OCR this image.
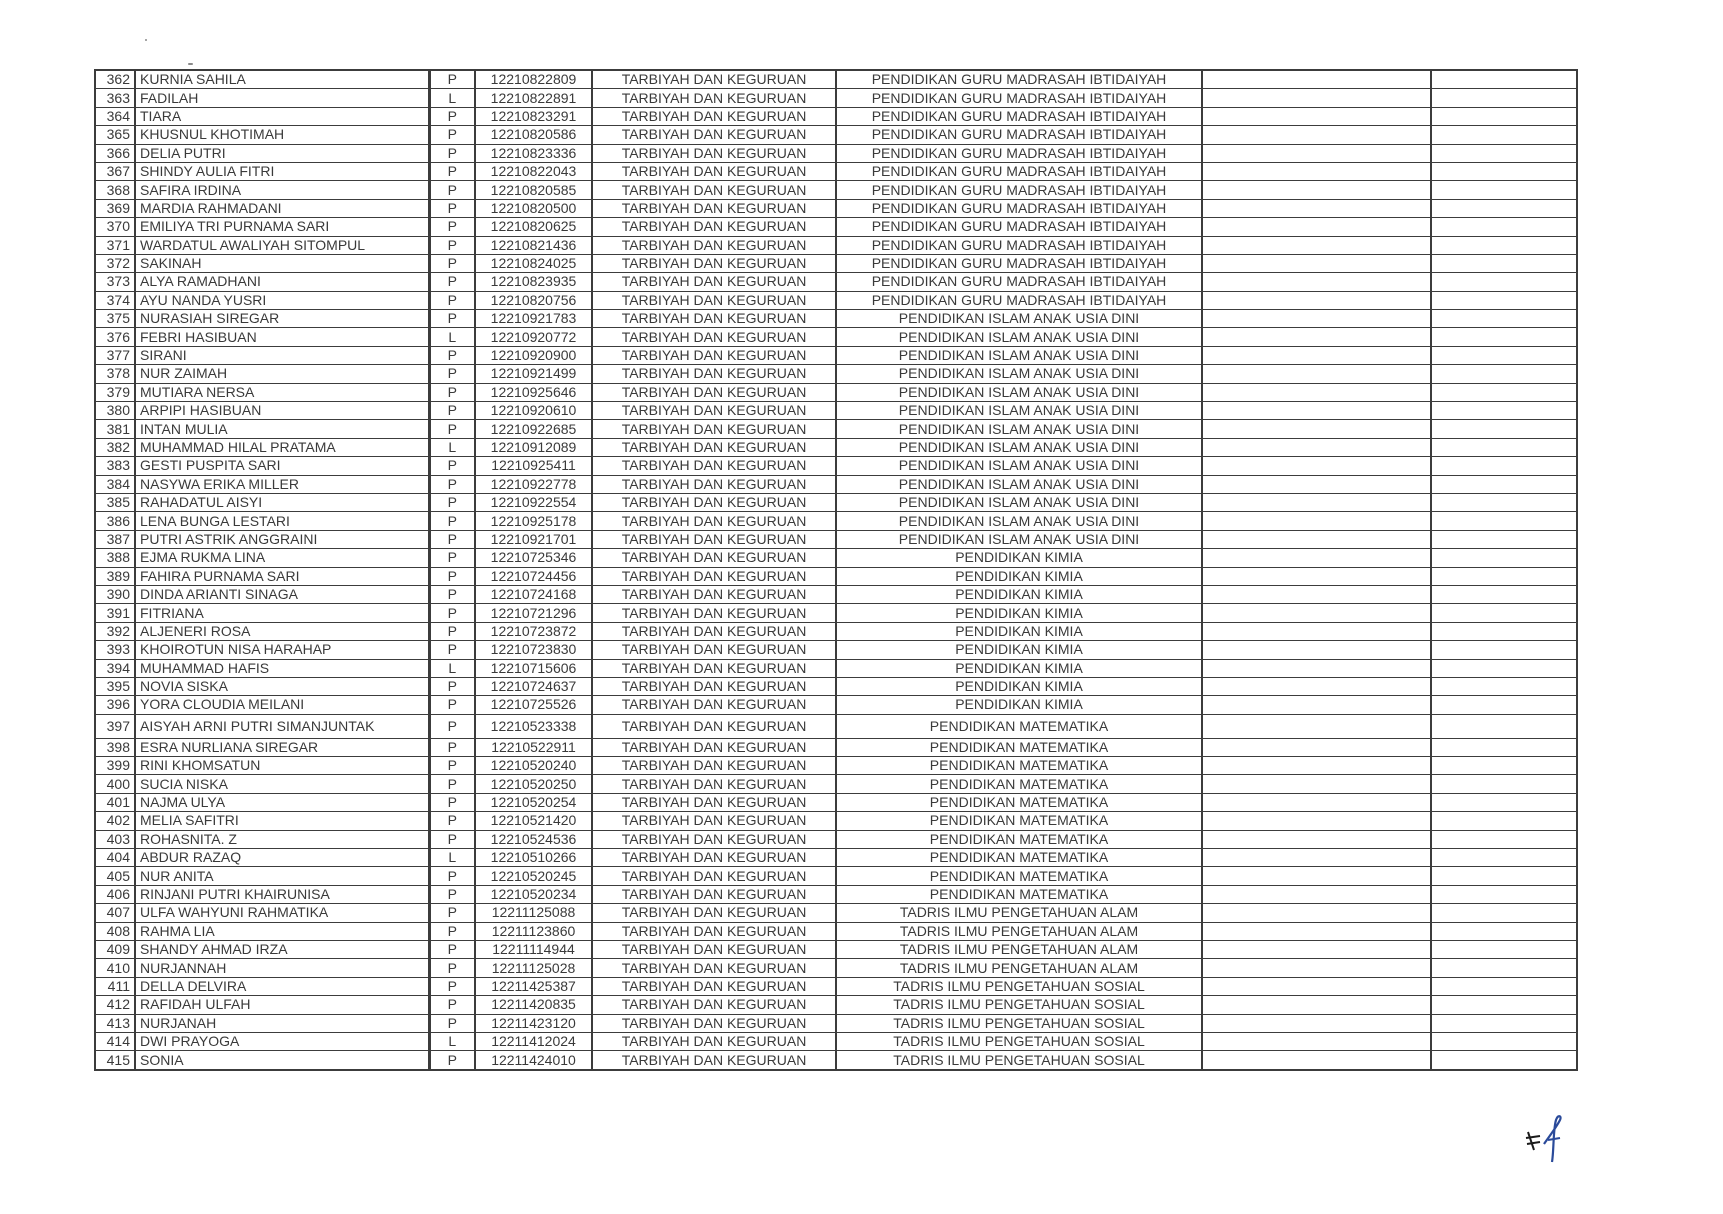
362	KURNIA SAHILA	P	12210822809	TARBIYAH DAN KEGURUAN	PENDIDIKAN GURU MADRASAH IBTIDAIYAH		
363	FADILAH	L	12210822891	TARBIYAH DAN KEGURUAN	PENDIDIKAN GURU MADRASAH IBTIDAIYAH		
364	TIARA	P	12210823291	TARBIYAH DAN KEGURUAN	PENDIDIKAN GURU MADRASAH IBTIDAIYAH		
365	KHUSNUL KHOTIMAH	P	12210820586	TARBIYAH DAN KEGURUAN	PENDIDIKAN GURU MADRASAH IBTIDAIYAH		
366	DELIA PUTRI	P	12210823336	TARBIYAH DAN KEGURUAN	PENDIDIKAN GURU MADRASAH IBTIDAIYAH		
367	SHINDY AULIA FITRI	P	12210822043	TARBIYAH DAN KEGURUAN	PENDIDIKAN GURU MADRASAH IBTIDAIYAH		
368	SAFIRA IRDINA	P	12210820585	TARBIYAH DAN KEGURUAN	PENDIDIKAN GURU MADRASAH IBTIDAIYAH		
369	MARDIA RAHMADANI	P	12210820500	TARBIYAH DAN KEGURUAN	PENDIDIKAN GURU MADRASAH IBTIDAIYAH		
370	EMILIYA TRI PURNAMA SARI	P	12210820625	TARBIYAH DAN KEGURUAN	PENDIDIKAN GURU MADRASAH IBTIDAIYAH		
371	WARDATUL AWALIYAH SITOMPUL	P	12210821436	TARBIYAH DAN KEGURUAN	PENDIDIKAN GURU MADRASAH IBTIDAIYAH		
372	SAKINAH	P	12210824025	TARBIYAH DAN KEGURUAN	PENDIDIKAN GURU MADRASAH IBTIDAIYAH		
373	ALYA RAMADHANI	P	12210823935	TARBIYAH DAN KEGURUAN	PENDIDIKAN GURU MADRASAH IBTIDAIYAH		
374	AYU NANDA YUSRI	P	12210820756	TARBIYAH DAN KEGURUAN	PENDIDIKAN GURU MADRASAH IBTIDAIYAH		
375	NURASIAH SIREGAR	P	12210921783	TARBIYAH DAN KEGURUAN	PENDIDIKAN ISLAM ANAK USIA DINI		
376	FEBRI HASIBUAN	L	12210920772	TARBIYAH DAN KEGURUAN	PENDIDIKAN ISLAM ANAK USIA DINI		
377	SIRANI	P	12210920900	TARBIYAH DAN KEGURUAN	PENDIDIKAN ISLAM ANAK USIA DINI		
378	NUR ZAIMAH	P	12210921499	TARBIYAH DAN KEGURUAN	PENDIDIKAN ISLAM ANAK USIA DINI		
379	MUTIARA NERSA	P	12210925646	TARBIYAH DAN KEGURUAN	PENDIDIKAN ISLAM ANAK USIA DINI		
380	ARPIPI HASIBUAN	P	12210920610	TARBIYAH DAN KEGURUAN	PENDIDIKAN ISLAM ANAK USIA DINI		
381	INTAN MULIA	P	12210922685	TARBIYAH DAN KEGURUAN	PENDIDIKAN ISLAM ANAK USIA DINI		
382	MUHAMMAD HILAL PRATAMA	L	12210912089	TARBIYAH DAN KEGURUAN	PENDIDIKAN ISLAM ANAK USIA DINI		
383	GESTI PUSPITA SARI	P	12210925411	TARBIYAH DAN KEGURUAN	PENDIDIKAN ISLAM ANAK USIA DINI		
384	NASYWA ERIKA MILLER	P	12210922778	TARBIYAH DAN KEGURUAN	PENDIDIKAN ISLAM ANAK USIA DINI		
385	RAHADATUL AISYI	P	12210922554	TARBIYAH DAN KEGURUAN	PENDIDIKAN ISLAM ANAK USIA DINI		
386	LENA BUNGA LESTARI	P	12210925178	TARBIYAH DAN KEGURUAN	PENDIDIKAN ISLAM ANAK USIA DINI		
387	PUTRI ASTRIK ANGGRAINI	P	12210921701	TARBIYAH DAN KEGURUAN	PENDIDIKAN ISLAM ANAK USIA DINI		
388	EJMA RUKMA LINA	P	12210725346	TARBIYAH DAN KEGURUAN	PENDIDIKAN KIMIA		
389	FAHIRA PURNAMA SARI	P	12210724456	TARBIYAH DAN KEGURUAN	PENDIDIKAN KIMIA		
390	DINDA ARIANTI SINAGA	P	12210724168	TARBIYAH DAN KEGURUAN	PENDIDIKAN KIMIA		
391	FITRIANA	P	12210721296	TARBIYAH DAN KEGURUAN	PENDIDIKAN KIMIA		
392	ALJENERI ROSA	P	12210723872	TARBIYAH DAN KEGURUAN	PENDIDIKAN KIMIA		
393	KHOIROTUN NISA HARAHAP	P	12210723830	TARBIYAH DAN KEGURUAN	PENDIDIKAN KIMIA		
394	MUHAMMAD HAFIS	L	12210715606	TARBIYAH DAN KEGURUAN	PENDIDIKAN KIMIA		
395	NOVIA SISKA	P	12210724637	TARBIYAH DAN KEGURUAN	PENDIDIKAN KIMIA		
396	YORA CLOUDIA MEILANI	P	12210725526	TARBIYAH DAN KEGURUAN	PENDIDIKAN KIMIA		
397	AISYAH ARNI PUTRI SIMANJUNTAK	P	12210523338	TARBIYAH DAN KEGURUAN	PENDIDIKAN MATEMATIKA		
398	ESRA NURLIANA SIREGAR	P	12210522911	TARBIYAH DAN KEGURUAN	PENDIDIKAN MATEMATIKA		
399	RINI KHOMSATUN	P	12210520240	TARBIYAH DAN KEGURUAN	PENDIDIKAN MATEMATIKA		
400	SUCIA NISKA	P	12210520250	TARBIYAH DAN KEGURUAN	PENDIDIKAN MATEMATIKA		
401	NAJMA ULYA	P	12210520254	TARBIYAH DAN KEGURUAN	PENDIDIKAN MATEMATIKA		
402	MELIA SAFITRI	P	12210521420	TARBIYAH DAN KEGURUAN	PENDIDIKAN MATEMATIKA		
403	ROHASNITA. Z	P	12210524536	TARBIYAH DAN KEGURUAN	PENDIDIKAN MATEMATIKA		
404	ABDUR RAZAQ	L	12210510266	TARBIYAH DAN KEGURUAN	PENDIDIKAN MATEMATIKA		
405	NUR ANITA	P	12210520245	TARBIYAH DAN KEGURUAN	PENDIDIKAN MATEMATIKA		
406	RINJANI PUTRI KHAIRUNISA	P	12210520234	TARBIYAH DAN KEGURUAN	PENDIDIKAN MATEMATIKA		
407	ULFA WAHYUNI RAHMATIKA	P	12211125088	TARBIYAH DAN KEGURUAN	TADRIS ILMU PENGETAHUAN ALAM		
408	RAHMA LIA	P	12211123860	TARBIYAH DAN KEGURUAN	TADRIS ILMU PENGETAHUAN ALAM		
409	SHANDY AHMAD IRZA	P	12211114944	TARBIYAH DAN KEGURUAN	TADRIS ILMU PENGETAHUAN ALAM		
410	NURJANNAH	P	12211125028	TARBIYAH DAN KEGURUAN	TADRIS ILMU PENGETAHUAN ALAM		
411	DELLA DELVIRA	P	12211425387	TARBIYAH DAN KEGURUAN	TADRIS ILMU PENGETAHUAN SOSIAL		
412	RAFIDAH ULFAH	P	12211420835	TARBIYAH DAN KEGURUAN	TADRIS ILMU PENGETAHUAN SOSIAL		
413	NURJANAH	P	12211423120	TARBIYAH DAN KEGURUAN	TADRIS ILMU PENGETAHUAN SOSIAL		
414	DWI PRAYOGA	L	12211412024	TARBIYAH DAN KEGURUAN	TADRIS ILMU PENGETAHUAN SOSIAL		
415	SONIA	P	12211424010	TARBIYAH DAN KEGURUAN	TADRIS ILMU PENGETAHUAN SOSIAL		
